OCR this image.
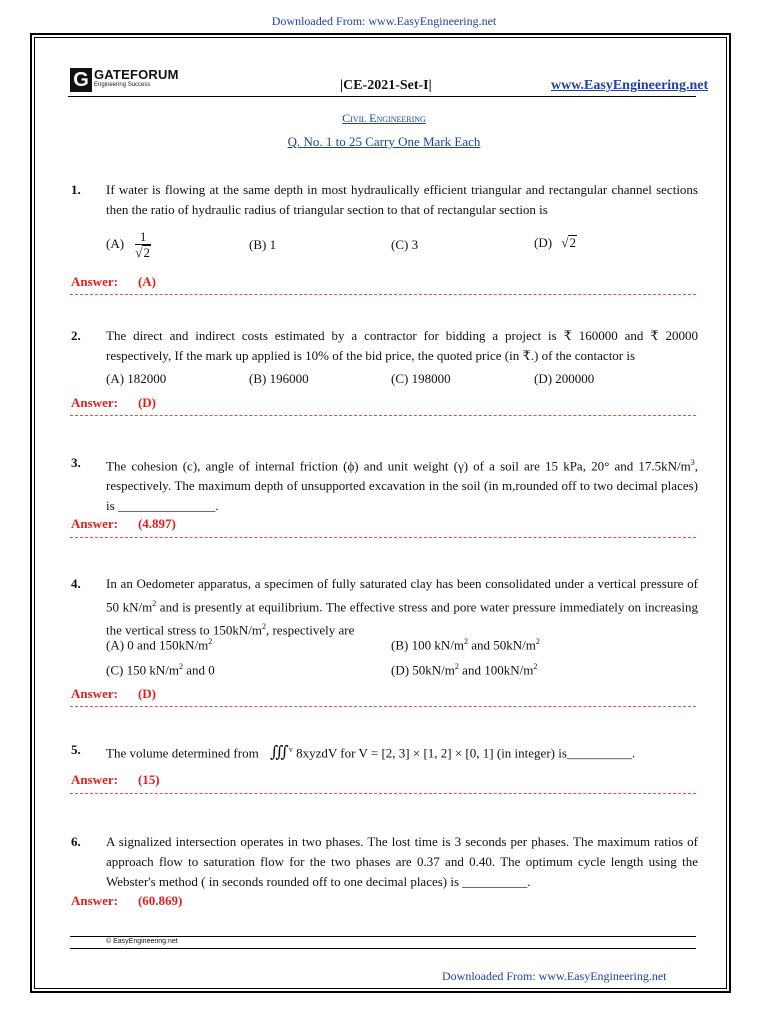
Downloaded From: www.EasyEngineering.net
G GATEFORUM
Engineering Success	|CE-2021-Set-I|	www.EasyEngineering.net
Civil Engineering
Q. No. 1 to 25 Carry One Mark Each
1. If water is flowing at the same depth in most hydraulically efficient triangular and rectangular channel sections then the ratio of hydraulic radius of triangular section to that of rectangular section is
$(A) \frac{1}{√2}$	(B) 1	(C) 3	(D) √2
Answer: (A)
2. The direct and indirect costs estimated by a contractor for bidding a project is ₹ 160000 and ₹ 20000 respectively, If the mark up applied is 10% of the bid price, the quoted price (in ₹.) of the contactor is
(A) 182000	(B) 196000	(C) 198000	(D) 200000
Answer: (D)
3. The cohesion (c), angle of internal friction (ϕ) and unit weight (γ) of a soil are 15 kPa, 20° and $17.5kN/m^3$, respectively. The maximum depth of unsupported excavation in the soil (in m,rounded off to two decimal places) is _______________.
Answer: (4.897)
4. In an Oedometer apparatus, a specimen of fully saturated clay has been consolidated under a vertical pressure of 50 $kN/m^2$ and is presently at equilibrium. The effective stress and pore water pressure immediately on increasing the vertical stress to $150kN/m^2$, respectively are
(A) 0 and $150kN/m^2$	(B) 100 $kN/m^2$ and $50kN/m^2$
(C) 150 $kN/m^2$ and 0	(D) $50kN/m^2$ and $100kN/m^2$
Answer: (D)
5. The volume determined from ∭$^v$ 8xyzdV for V = [2, 3] × [1, 2] × [0, 1] (in integer) is__________.
Answer: (15)
6. A signalized intersection operates in two phases. The lost time is 3 seconds per phases. The maximum ratios of approach flow to saturation flow for the two phases are 0.37 and 0.40. The optimum cycle length using the Webster's method ( in seconds rounded off to one decimal places) is __________.
Answer: (60.869)
© EasyEngineering.net
Downloaded From: www.EasyEngineering.net
